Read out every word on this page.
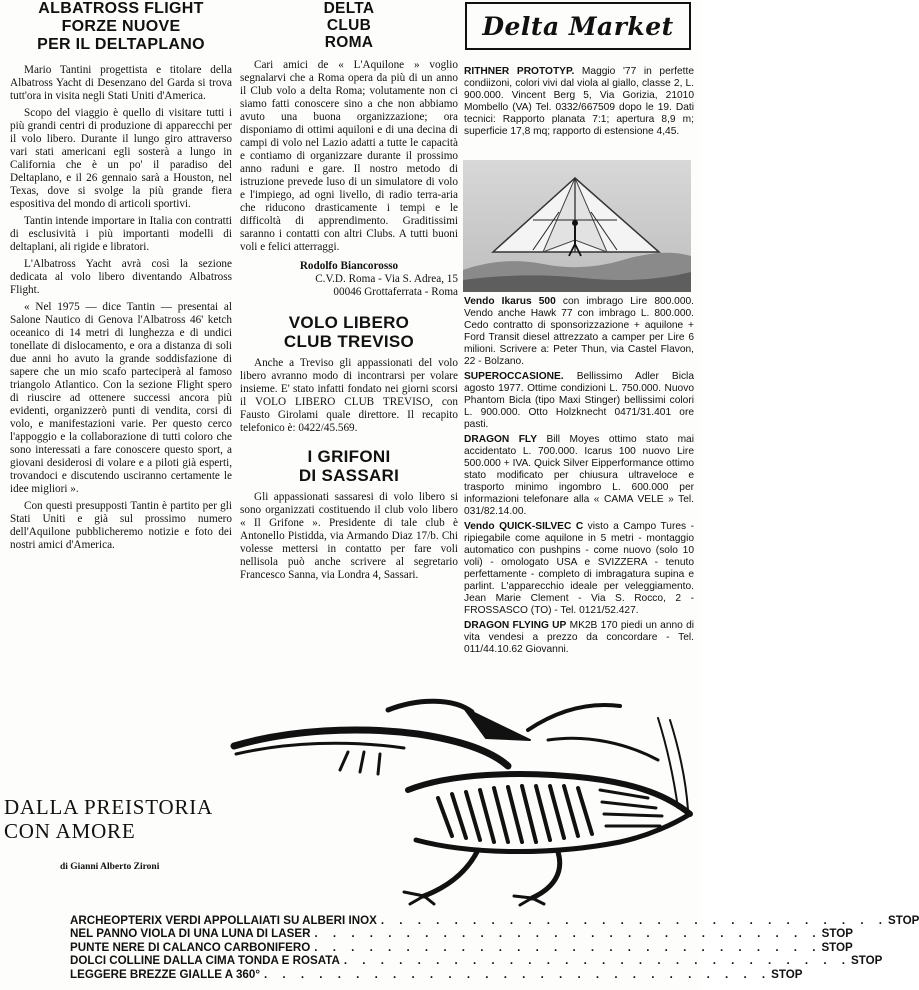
ALBATROSS FLIGHT
FORZE NUOVE
PER IL DELTAPLANO

Mario Tantini progettista e titolare della Albatross Yacht di Desenzano del Garda si trova tutt'ora in visita negli Stati Uniti d'America.

Scopo del viaggio è quello di visitare tutti i più grandi centri di produzione di apparecchi per il volo libero. Durante il lungo giro attraverso vari stati americani egli sosterà a lungo in California che è un po' il paradiso del Deltaplano, e il 26 gennaio sarà a Houston, nel Texas, dove si svolge la più grande fiera espositiva del mondo di articoli sportivi.

Tantin intende importare in Italia con contratti di esclusività i più importanti modelli di deltaplani, ali rigide e libratori.

L'Albatross Yacht avrà così la sezione dedicata al volo libero diventando Albatross Flight.

« Nel 1975 — dice Tantin — presentai al Salone Nautico di Genova l'Albatross 46' ketch oceanico di 14 metri di lunghezza e di undici tonellate di dislocamento, e ora a distanza di soli due anni ho avuto la grande soddisfazione di sapere che un mio scafo parteciperà al famoso triangolo Atlantico. Con la sezione Flight spero di riuscire ad ottenere successi ancora più evidenti, organizzerò punti di vendita, corsi di volo, e manifestazioni varie. Per questo cerco l'appoggio e la collaborazione di tutti coloro che sono interessati a fare conoscere questo sport, a giovani desiderosi di volare e a piloti già esperti, trovandoci e discutendo usciranno certamente le idee migliori ».

Con questi presupposti Tantin è partito per gli Stati Uniti e già sul prossimo numero dell'Aquilone pubblicheremo notizie e foto dei nostri amici d'America.

DELTA
CLUB
ROMA

Cari amici de « L'Aquilone » voglio segnalarvi che a Roma opera da più di un anno il Club volo a delta Roma; volutamente non ci siamo fatti conoscere sino a che non abbiamo avuto una buona organizzazione; ora disponiamo di ottimi aquiloni e di una decina di campi di volo nel Lazio adatti a tutte le capacità e contiamo di organizzare durante il prossimo anno raduni e gare. Il nostro metodo di istruzione prevede luso di un simulatore di volo e l'impiego, ad ogni livello, di radio terra-aria che riducono drasticamente i tempi e le difficoltà di apprendimento. Graditissimi saranno i contatti con altri Clubs. A tutti buoni voli e felici atterraggi.

Rodolfo Biancorosso

C.V.D. Roma - Via S. Adrea, 15

00046 Grottaferrata - Roma

VOLO LIBERO
CLUB TREVISO

Anche a Treviso gli appassionati del volo libero avranno modo di incontrarsi per volare insieme. E' stato infatti fondato nei giorni scorsi il VOLO LIBERO CLUB TREVISO, con Fausto Girolami quale direttore. Il recapito telefonico è: 0422/45.569.

I GRIFONI
DI SASSARI

Gli appassionati sassaresi di volo libero si sono organizzati costituendo il club volo libero « Il Grifone ». Presidente di tale club è Antonello Pistidda, via Armando Diaz 17/b. Chi volesse mettersi in contatto per fare voli nellisola può anche scrivere al segretario Francesco Sanna, via Londra 4, Sassari.

Delta Market

RITHNER PROTOTYP. Maggio '77 in perfette condiizoni, colori vivi dal viola al giallo, classe 2, L. 900.000. Vincent Berg 5, Via Gorizia, 21010 Mombello (VA) Tel. 0332/667509 dopo le 19. Dati tecnici: Rapporto planata 7:1; apertura 8,9 m; superficie 17,8 mq; rapporto di estensione 4,45.

Vendo Ikarus 500 con imbrago Lire 800.000. Vendo anche Hawk 77 con imbrago L. 800.000. Cedo contratto di sponsorizzazione + aquilone + Ford Transit diesel attrezzato a camper per Lire 6 milioni. Scrivere a: Peter Thun, via Castel Flavon, 22 - Bolzano.

SUPEROCCASIONE. Bellissimo Adler Bicla agosto 1977. Ottime condizioni L. 750.000. Nuovo Phantom Bicla (tipo Maxi Stinger) bellissimi colori L. 900.000. Otto Holzknecht 0471/31.401 ore pasti.

DRAGON FLY Bill Moyes ottimo stato mai accidentato L. 700.000. Icarus 100 nuovo Lire 500.000 + IVA. Quick Silver Eipperformance ottimo stato modificato per chiusura ultraveloce e trasporto minimo ingombro L. 600.000 per informazioni telefonare alla « CAMA VELE » Tel. 031/82.14.00.

Vendo QUICK-SILVEC C visto a Campo Tures - ripiegabile come aquilone in 5 metri - montaggio automatico con pushpins - come nuovo (solo 10 voli) - omologato USA e SVIZZERA - tenuto perfettamente - completo di imbragatura supina e parlint. L'apparecchio ideale per veleggiamento. Jean Marie Clement - Via S. Rocco, 2 - FROSSASCO (TO) - Tel. 0121/52.427.

DRAGON FLYING UP MK2B 170 piedi un anno di vita vendesi a prezzo da concordare - Tel. 011/44.10.62 Giovanni.

DALLA PREISTORIA
CON AMORE
di Gianni Alberto Zironi
ARCHEOPTERIX VERDI APPOLLAIATI SU ALBERI INOX . . . . . . . . . . . . . . . . . . . . . . . . . . . . STOP
NEL PANNO VIOLA DI UNA LUNA DI LASER . . . . . . . . . . . . . . . . . . . . . . . . . . . . STOP
PUNTE NERE DI CALANCO CARBONIFERO . . . . . . . . . . . . . . . . . . . . . . . . . . . . STOP
DOLCI COLLINE DALLA CIMA TONDA E ROSATA . . . . . . . . . . . . . . . . . . . . . . . . . . . . STOP
LEGGERE BREZZE GIALLE A 360° . . . . . . . . . . . . . . . . . . . . . . . . . . . . STOP
